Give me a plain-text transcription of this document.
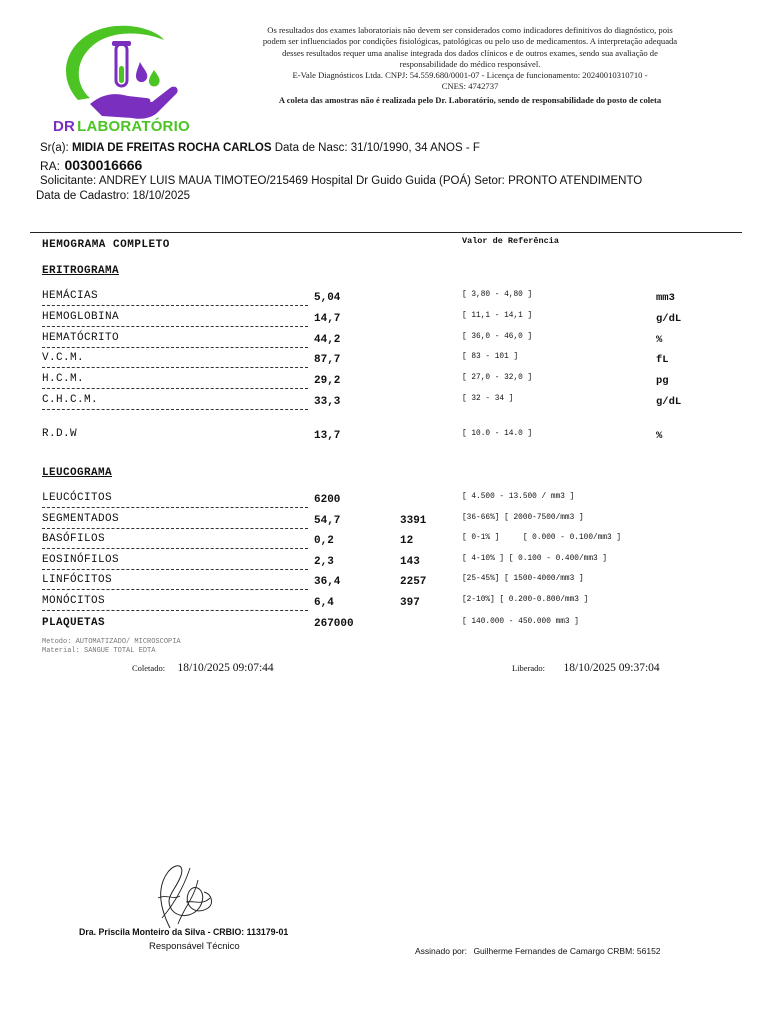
DR LABORATÓRIO
Os resultados dos exames laboratoriais não devem ser considerados como indicadores definitivos do diagnóstico, pois
podem ser influenciados por condições fisiológicas, patológicas ou pelo uso de medicamentos. A interpretação adequada
desses resultados requer uma analise integrada dos dados clínicos e de outros exames, sendo sua avaliação de
responsabilidade do médico responsável.
E-Vale Diagnósticos Ltda. CNPJ: 54.559.680/0001-07 - Licença de funcionamento: 20240010310710 -
CNES: 4742737
A coleta das amostras não é realizada pelo Dr. Laboratório, sendo de responsabilidade do posto de coleta
Sr(a): MIDIA DE FREITAS ROCHA CARLOS Data de Nasc: 31/10/1990, 34 ANOS - F
RA: 0030016666
Solicitante: ANDREY LUIS MAUA TIMOTEO/215469 Hospital Dr Guido Guida (POÁ) Setor: PRONTO ATENDIMENTO
Data de Cadastro: 18/10/2025
HEMOGRAMA COMPLETO	Valor de Referência
ERITROGRAMA
HEMÁCIAS	5,04	[ 3,80 - 4,80 ]	mm3
HEMOGLOBINA	14,7	[ 11,1 - 14,1 ]	g/dL
HEMATÓCRITO	44,2	[ 36,0 - 46,0 ]	%
V.C.M.	87,7	[ 83 - 101 ]	fL
H.C.M.	29,2	[ 27,0 - 32,0 ]	pg
C.H.C.M.	33,3	[ 32 - 34 ]	g/dL
R.D.W	13,7	[ 10.0 - 14.0 ]	%
LEUCOGRAMA
LEUCÓCITOS	6200	[ 4.500 - 13.500 / mm3 ]
SEGMENTADOS	54,7	3391	[36-66%] [ 2000-7500/mm3 ]
BASÓFILOS	0,2	12	[ 0-1% ]     [ 0.000 - 0.100/mm3 ]
EOSINÓFILOS	2,3	143	[ 4-10% ] [ 0.100 - 0.400/mm3 ]
LINFÓCITOS	36,4	2257	[25-45%] [ 1500-4000/mm3 ]
MONÓCITOS	6,4	397	[2-10%] [ 0.200-0.800/mm3 ]
PLAQUETAS	267000	[ 140.000 - 450.000 mm3 ]
Metodo: AUTOMATIZADO/ MICROSCOPIA
Material: SANGUE TOTAL EDTA
Coletado: 18/10/2025 09:07:44	Liberado: 18/10/2025 09:37:04
Dra. Priscila Monteiro da Silva - CRBIO: 113179-01
Responsável Técnico	Assinado por: Guilherme Fernandes de Camargo CRBM: 56152
